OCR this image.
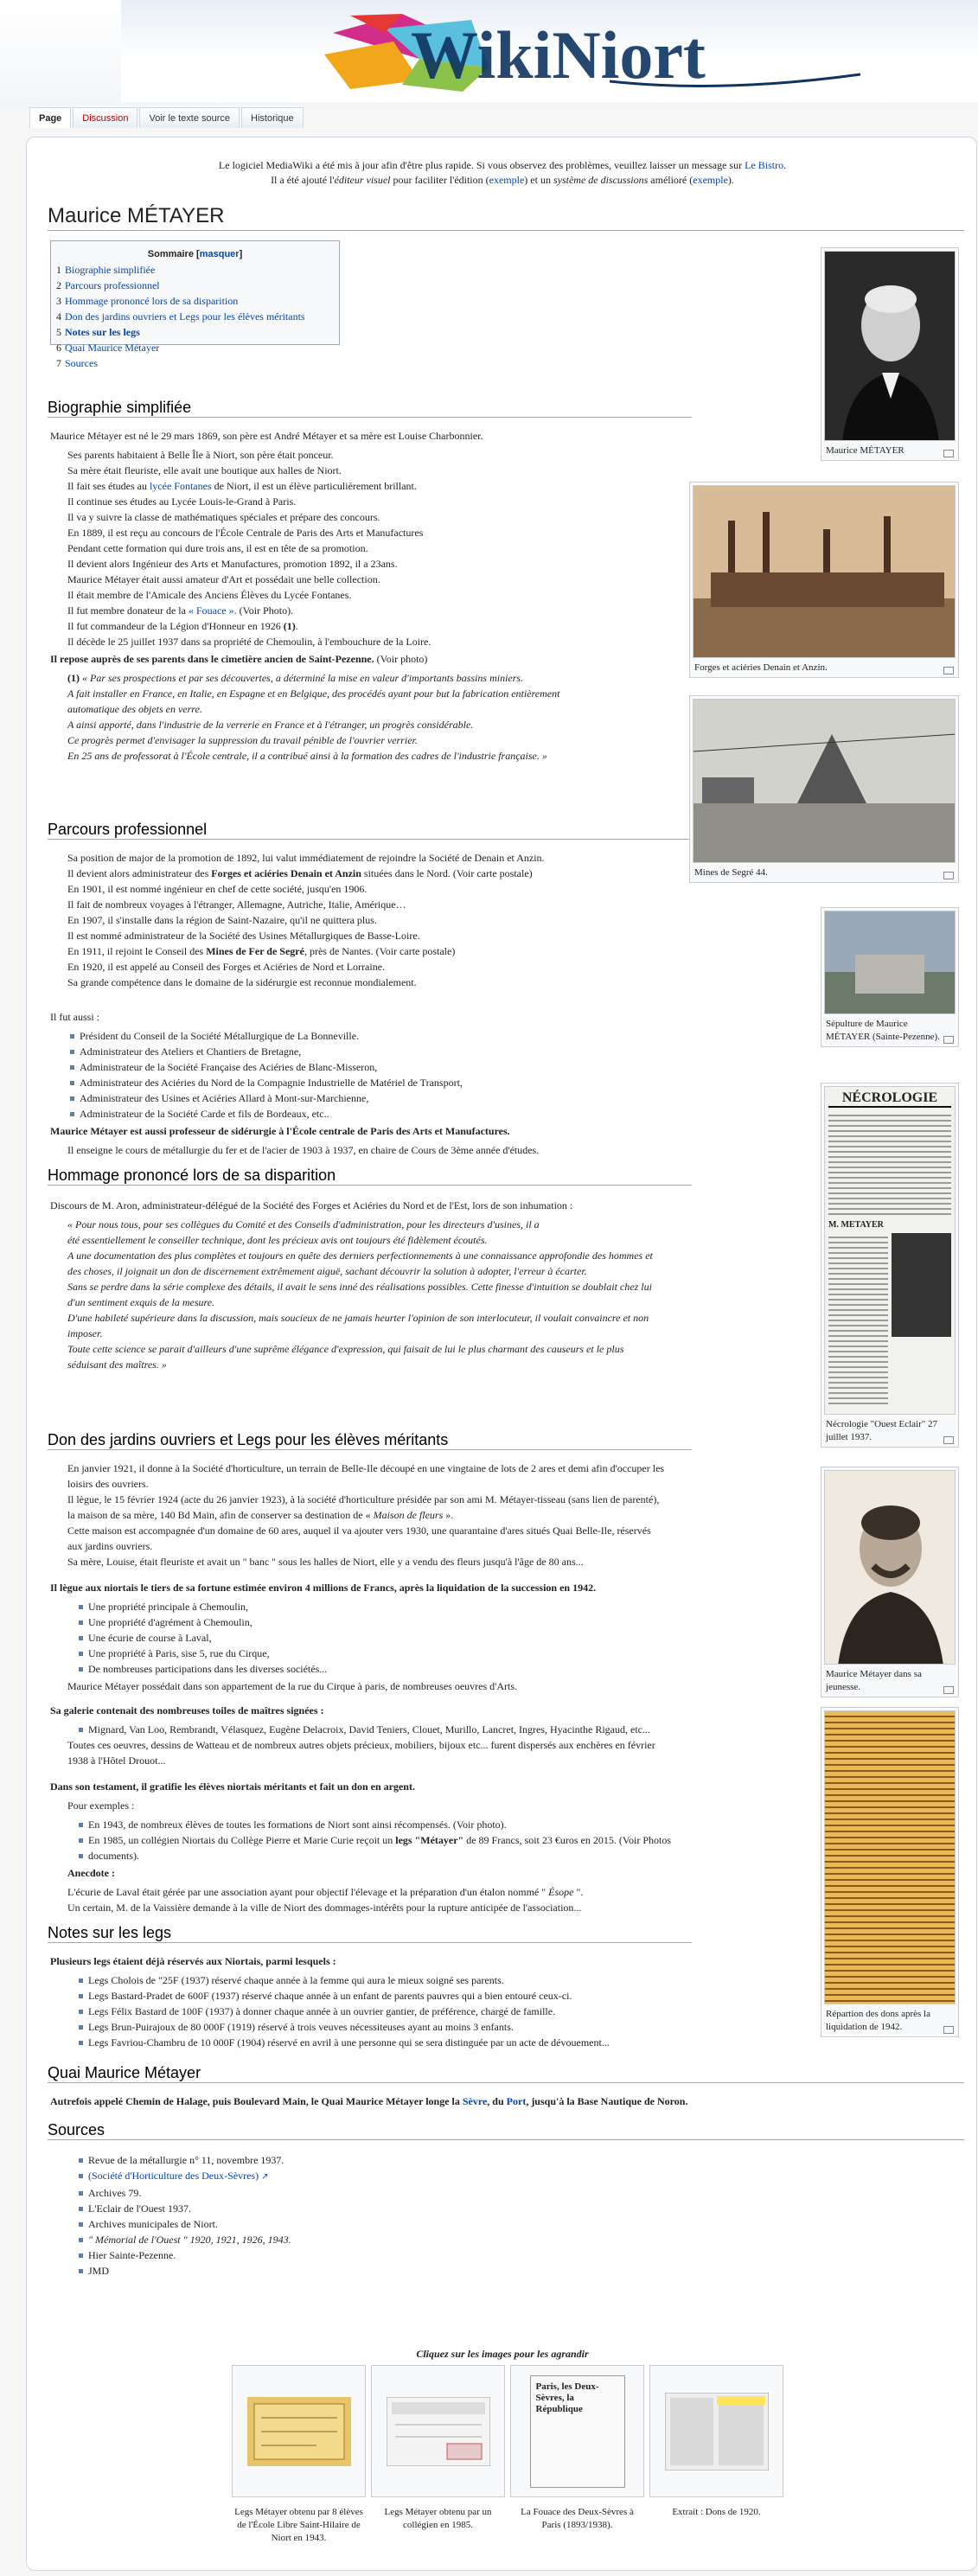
WikiNiort
Page	Discussion	Voir le texte source	Historique
Le logiciel MediaWiki a été mis à jour afin d'être plus rapide. Si vous observez des problèmes, veuillez laisser un message sur Le Bistro.
Il a été ajouté l'éditeur visuel pour faciliter l'édition (exemple) et un système de discussions amélioré (exemple).
Maurice MÉTAYER
Sommaire [masquer]
1 Biographie simplifiée
2 Parcours professionnel
3 Hommage prononcé lors de sa disparition
4 Don des jardins ouvriers et Legs pour les élèves méritants
5 Notes sur les legs
6 Quai Maurice Métayer
7 Sources
Biographie simplifiée
Maurice Métayer est né le 29 mars 1869, son père est André Métayer et sa mère est Louise Charbonnier.
Ses parents habitaient à Belle Île à Niort, son père était ponceur.
Sa mère était fleuriste, elle avait une boutique aux halles de Niort.
Il fait ses études au lycée Fontanes de Niort, il est un élève particulièrement brillant.
Il continue ses études au Lycée Louis-le-Grand à Paris.
Il va y suivre la classe de mathématiques spéciales et prépare des concours.
En 1889, il est reçu au concours de l'École Centrale de Paris des Arts et Manufactures
Pendant cette formation qui dure trois ans, il est en tête de sa promotion.
Il devient alors Ingénieur des Arts et Manufactures, promotion 1892, il a 23ans.
Maurice Métayer était aussi amateur d'Art et possédait une belle collection.
Il était membre de l'Amicale des Anciens Élèves du Lycée Fontanes.
Il fut membre donateur de la « Fouace ». (Voir Photo).
Il fut commandeur de la Légion d'Honneur en 1926 (1).
Il décède le 25 juillet 1937 dans sa propriété de Chemoulin, à l'embouchure de la Loire.
Il repose auprès de ses parents dans le cimetière ancien de Saint-Pezenne. (Voir photo)
(1) « Par ses prospections et par ses découvertes, a déterminé la mise en valeur d'importants bassins miniers.
A fait installer en France, en Italie, en Espagne et en Belgique, des procédés ayant pour but la fabrication entièrement
automatique des objets en verre.
A ainsi apporté, dans l'industrie de la verrerie en France et à l'étranger, un progrès considérable.
Ce progrès permet d'envisager la suppression du travail pénible de l'ouvrier verrier.
En 25 ans de professorat à l'École centrale, il a contribué ainsi à la formation des cadres de l'industrie française. »
Parcours professionnel
Sa position de major de la promotion de 1892, lui valut immédiatement de rejoindre la Société de Denain et Anzin.
Il devient alors administrateur des Forges et aciéries Denain et Anzin situées dans le Nord. (Voir carte postale)
En 1901, il est nommé ingénieur en chef de cette société, jusqu'en 1906.
Il fait de nombreux voyages à l'étranger, Allemagne, Autriche, Italie, Amérique…
En 1907, il s'installe dans la région de Saint-Nazaire, qu'il ne quittera plus.
Il est nommé administrateur de la Société des Usines Métallurgiques de Basse-Loire.
En 1911, il rejoint le Conseil des Mines de Fer de Segré, près de Nantes. (Voir carte postale)
En 1920, il est appelé au Conseil des Forges et Aciéries de Nord et Lorraine.
Sa grande compétence dans le domaine de la sidérurgie est reconnue mondialement.
Il fut aussi :
Président du Conseil de la Société Métallurgique de La Bonneville.
Administrateur des Ateliers et Chantiers de Bretagne,
Administrateur de la Société Française des Aciéries de Blanc-Misseron,
Administrateur des Aciéries du Nord de la Compagnie Industrielle de Matériel de Transport,
Administrateur des Usines et Aciéries Allard à Mont-sur-Marchienne,
Administrateur de la Société Carde et fils de Bordeaux, etc..
Maurice Métayer est aussi professeur de sidérurgie à l'École centrale de Paris des Arts et Manufactures.
Il enseigne le cours de métallurgie du fer et de l'acier de 1903 à 1937, en chaire de Cours de 3ème année d'études.
Hommage prononcé lors de sa disparition
Discours de M. Aron, administrateur-délégué de la Société des Forges et Aciéries du Nord et de l'Est, lors de son inhumation :
« Pour nous tous, pour ses collègues du Comité et des Conseils d'administration, pour les directeurs d'usines, il a
été essentiellement le conseiller technique, dont les précieux avis ont toujours été fidèlement écoutés.
A une documentation des plus complètes et toujours en quête des derniers perfectionnements à une connaissance approfondie des hommes et
des choses, il joignait un don de discernement extrêmement aiguë, sachant découvrir la solution à adopter, l'erreur à écarter.
Sans se perdre dans la série complexe des détails, il avait le sens inné des réalisations possibles. Cette finesse d'intuition se doublait chez lui
d'un sentiment exquis de la mesure.
D'une habileté supérieure dans la discussion, mais soucieux de ne jamais heurter l'opinion de son interlocuteur, il voulait convaincre et non
imposer.
Toute cette science se parait d'ailleurs d'une suprême élégance d'expression, qui faisait de lui le plus charmant des causeurs et le plus
séduisant des maîtres. »
Don des jardins ouvriers et Legs pour les élèves méritants
En janvier 1921, il donne à la Société d'horticulture, un terrain de Belle-Ile découpé en une vingtaine de lots de 2 ares et demi afin d'occuper les
loisirs des ouvriers.
Il lègue, le 15 février 1924 (acte du 26 janvier 1923), à la société d'horticulture présidée par son ami M. Métayer-tisseau (sans lien de parenté),
la maison de sa mère, 140 Bd Main, afin de conserver sa destination de « Maison de fleurs ».
Cette maison est accompagnée d'un domaine de 60 ares, auquel il va ajouter vers 1930, une quarantaine d'ares situés Quai Belle-Ile, réservés
aux jardins ouvriers.
Sa mère, Louise, était fleuriste et avait un " banc " sous les halles de Niort, elle y a vendu des fleurs jusqu'à l'âge de 80 ans...
Il lègue aux niortais le tiers de sa fortune estimée environ 4 millions de Francs, après la liquidation de la succession en 1942.
Une propriété principale à Chemoulin,
Une propriété d'agrément à Chemoulin,
Une écurie de course à Laval,
Une propriété à Paris, sise 5, rue du Cirque,
De nombreuses participations dans les diverses sociétés...
Maurice Métayer possédait dans son appartement de la rue du Cirque à paris, de nombreuses oeuvres d'Arts.
Sa galerie contenait des nombreuses toiles de maîtres signées :
Mignard, Van Loo, Rembrandt, Vélasquez, Eugène Delacroix, David Teniers, Clouet, Murillo, Lancret, Ingres, Hyacinthe Rigaud, etc...
Toutes ces oeuvres, dessins de Watteau et de nombreux autres objets précieux, mobiliers, bijoux etc... furent dispersés aux enchères en février
1938 à l'Hôtel Drouot...
Dans son testament, il gratifie les élèves niortais méritants et fait un don en argent.
Pour exemples :
En 1943, de nombreux élèves de toutes les formations de Niort sont ainsi récompensés. (Voir photo).
En 1985, un collégien Niortais du Collège Pierre et Marie Curie reçoit un legs "Métayer" de 89 Francs, soit 23 €uros en 2015. (Voir Photos
documents).
Anecdote :
L'écurie de Laval était gérée par une association ayant pour objectif l'élevage et la préparation d'un étalon nommé " Ésope ".
Un certain, M. de la Vaissière demande à la ville de Niort des dommages-intérêts pour la rupture anticipée de l'association...
Notes sur les legs
Plusieurs legs étaient déjà réservés aux Niortais, parmi lesquels :
Legs Cholois de "25F (1937) réservé chaque année à la femme qui aura le mieux soigné ses parents.
Legs Bastard-Pradet de 600F (1937) réservé chaque année à un enfant de parents pauvres qui a bien entouré ceux-ci.
Legs Félix Bastard de 100F (1937) à donner chaque année à un ouvrier gantier, de préférence, chargé de famille.
Legs Brun-Puirajoux de 80 000F (1919) réservé à trois veuves nécessiteuses ayant au moins 3 enfants.
Legs Favriou-Chambru de 10 000F (1904) réservé en avril à une personne qui se sera distinguée par un acte de dévouement...
Quai Maurice Métayer
Autrefois appelé Chemin de Halage, puis Boulevard Main, le Quai Maurice Métayer longe la Sèvre, du Port, jusqu'à la Base Nautique de Noron.
Sources
Revue de la métallurgie n° 11, novembre 1937.
(Société d'Horticulture des Deux-Sèvres) ↗
Archives 79.
L'Eclair de l'Ouest 1937.
Archives municipales de Niort.
" Mémorial de l'Ouest " 1920, 1921, 1926, 1943.
Hier Sainte-Pezenne.
JMD
Cliquez sur les images pour les agrandir
Legs Métayer obtenu par 8 élèves de l'École Libre Saint-Hilaire de Niort en 1943.
Legs Métayer obtenu par un collégien en 1985.
Paris, les Deux-Sèvres, la République
La Fouace des Deux-Sèvres à Paris (1893/1938).
Extrait : Dons de 1920.
Maurice MÉTAYER
Forges et aciéries Denain et Anzin.
Mines de Segré 44.
Sépulture de Maurice MÉTAYER (Sainte-Pezenne).
NÉCROLOGIE
M. METAYER
Nécrologie "Ouest Eclair" 27 juillet 1937.
Maurice Métayer dans sa jeunesse.
Répartion des dons après la liquidation de 1942.
